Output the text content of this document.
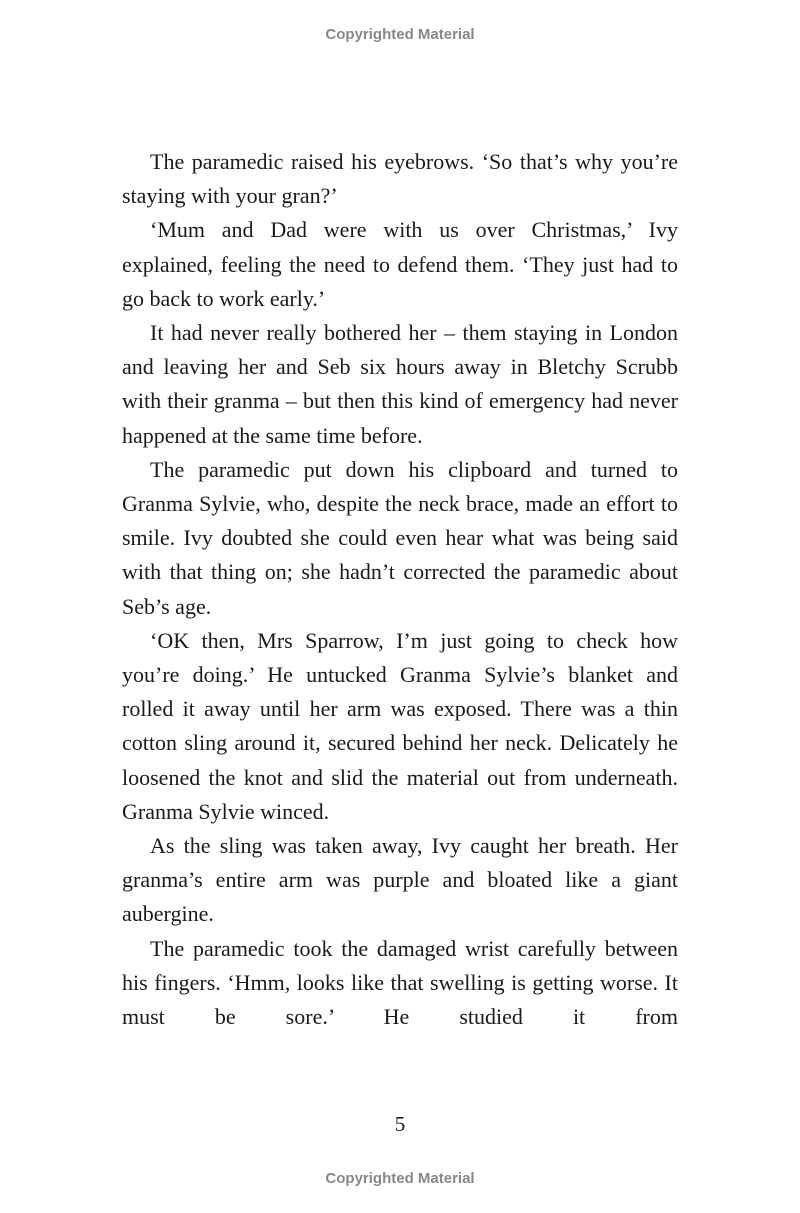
Copyrighted Material

The paramedic raised his eyebrows. ‘So that’s why you’re staying with your gran?’

‘Mum and Dad were with us over Christmas,’ Ivy explained, feeling the need to defend them. ‘They just had to go back to work early.’

It had never really bothered her – them staying in London and leaving her and Seb six hours away in Bletchy Scrubb with their granma – but then this kind of emergency had never happened at the same time before.

The paramedic put down his clipboard and turned to Granma Sylvie, who, despite the neck brace, made an effort to smile. Ivy doubted she could even hear what was being said with that thing on; she hadn’t corrected the paramedic about Seb’s age.

‘OK then, Mrs Sparrow, I’m just going to check how you’re doing.’ He untucked Granma Sylvie’s blanket and rolled it away until her arm was exposed. There was a thin cotton sling around it, secured behind her neck. Delicately he loosened the knot and slid the material out from underneath. Granma Sylvie winced.

As the sling was taken away, Ivy caught her breath. Her granma’s entire arm was purple and bloated like a giant aubergine.

The paramedic took the damaged wrist carefully between his fingers. ‘Hmm, looks like that swelling is getting worse. It must be sore.’ He studied it from

5
Copyrighted Material
